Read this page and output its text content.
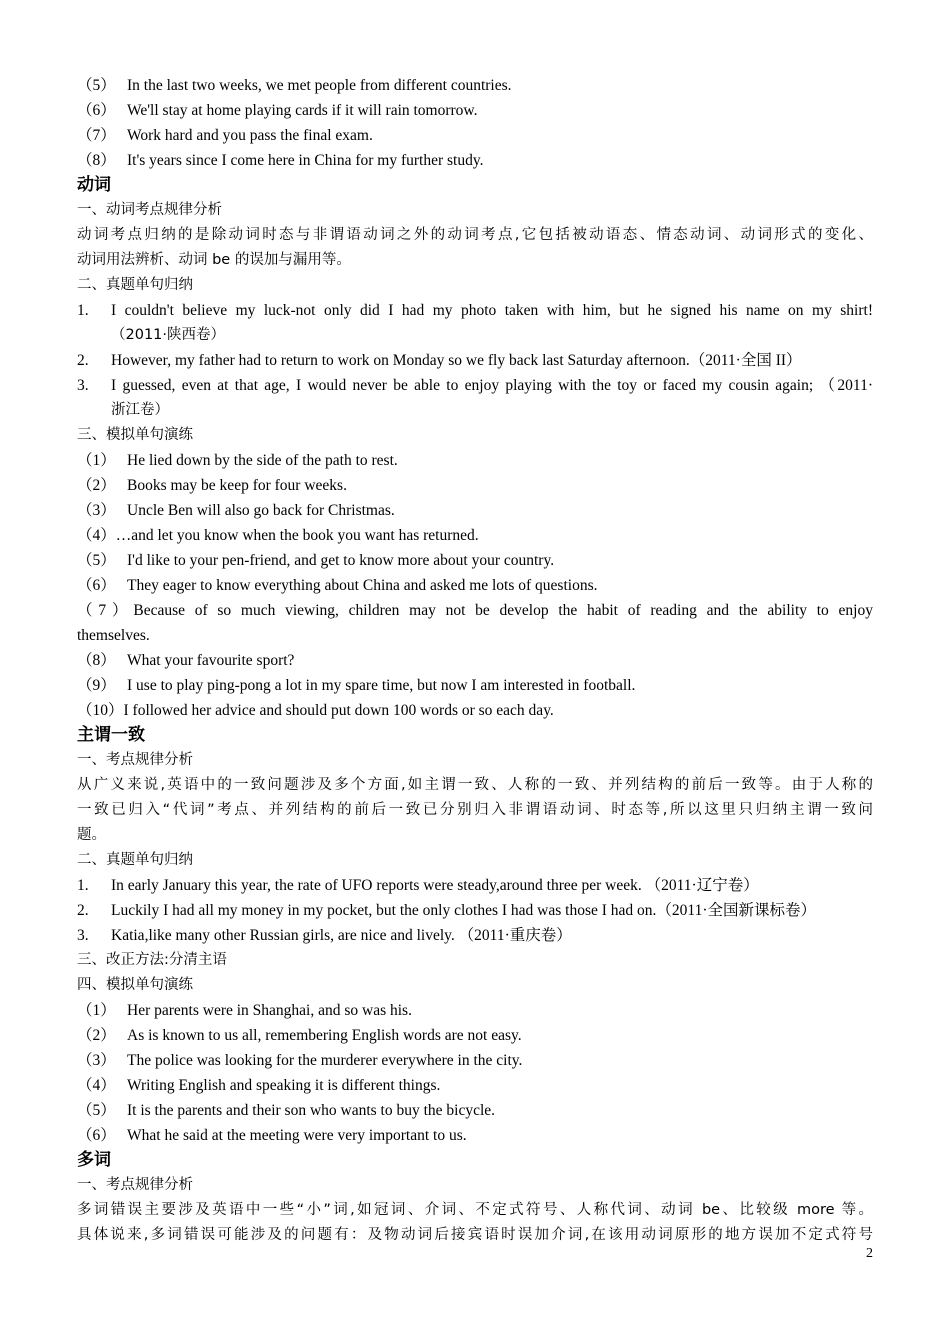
（5） In the last two weeks, we met people from different countries.
（6） We'll stay at home playing cards if it will rain tomorrow.
（7） Work hard and you pass the final exam.
（8） It's years since I come here in China for my further study.
动词
一、动词考点规律分析
动词考点归纳的是除动词时态与非谓语动词之外的动词考点,它包括被动语态、情态动词、动词形式的变化、
动词用法辨析、动词 be 的误加与漏用等。
二、真题单句归纳
1. I couldn't believe my luck-not only did I had my photo taken with him, but he signed his name on my shirt!
（2011·陕西卷）
2. However, my father had to return to work on Monday so we fly back last Saturday afternoon.（2011·全国 II）
3. I guessed, even at that age, I would never be able to enjoy playing with the toy or faced my cousin again; （2011·
浙江卷）
三、模拟单句演练
（1） He lied down by the side of the path to rest.
（2） Books may be keep for four weeks.
（3） Uncle Ben will also go back for Christmas.
（4）…and let you know when the book you want has returned.
（5） I'd like to your pen-friend, and get to know more about your country.
（6） They eager to know everything about China and asked me lots of questions.
（7）Because of so much viewing, children may not be develop the habit of reading and the ability to enjoy
themselves.
（8） What your favourite sport?
（9） I use to play ping-pong a lot in my spare time, but now I am interested in football.
（10）I followed her advice and should put down 100 words or so each day.
主谓一致
一、考点规律分析
从广义来说,英语中的一致问题涉及多个方面,如主谓一致、人称的一致、并列结构的前后一致等。由于人称的
一致已归入“代词”考点、并列结构的前后一致已分别归入非谓语动词、时态等,所以这里只归纳主谓一致问
题。
二、真题单句归纳
1. In early January this year, the rate of UFO reports were steady,around three per week. （2011·辽宁卷）
2. Luckily I had all my money in my pocket, but the only clothes I had was those I had on.（2011·全国新课标卷）
3. Katia,like many other Russian girls, are nice and lively. （2011·重庆卷）
三、改正方法:分清主语
四、模拟单句演练
（1） Her parents were in Shanghai, and so was his.
（2） As is known to us all, remembering English words are not easy.
（3） The police was looking for the murderer everywhere in the city.
（4） Writing English and speaking it is different things.
（5） It is the parents and their son who wants to buy the bicycle.
（6） What he said at the meeting were very important to us.
多词
一、考点规律分析
多词错误主要涉及英语中一些“小”词,如冠词、介词、不定式符号、人称代词、动词 be、比较级 more 等。
具体说来,多词错误可能涉及的问题有：及物动词后接宾语时误加介词,在该用动词原形的地方误加不定式符号
2
